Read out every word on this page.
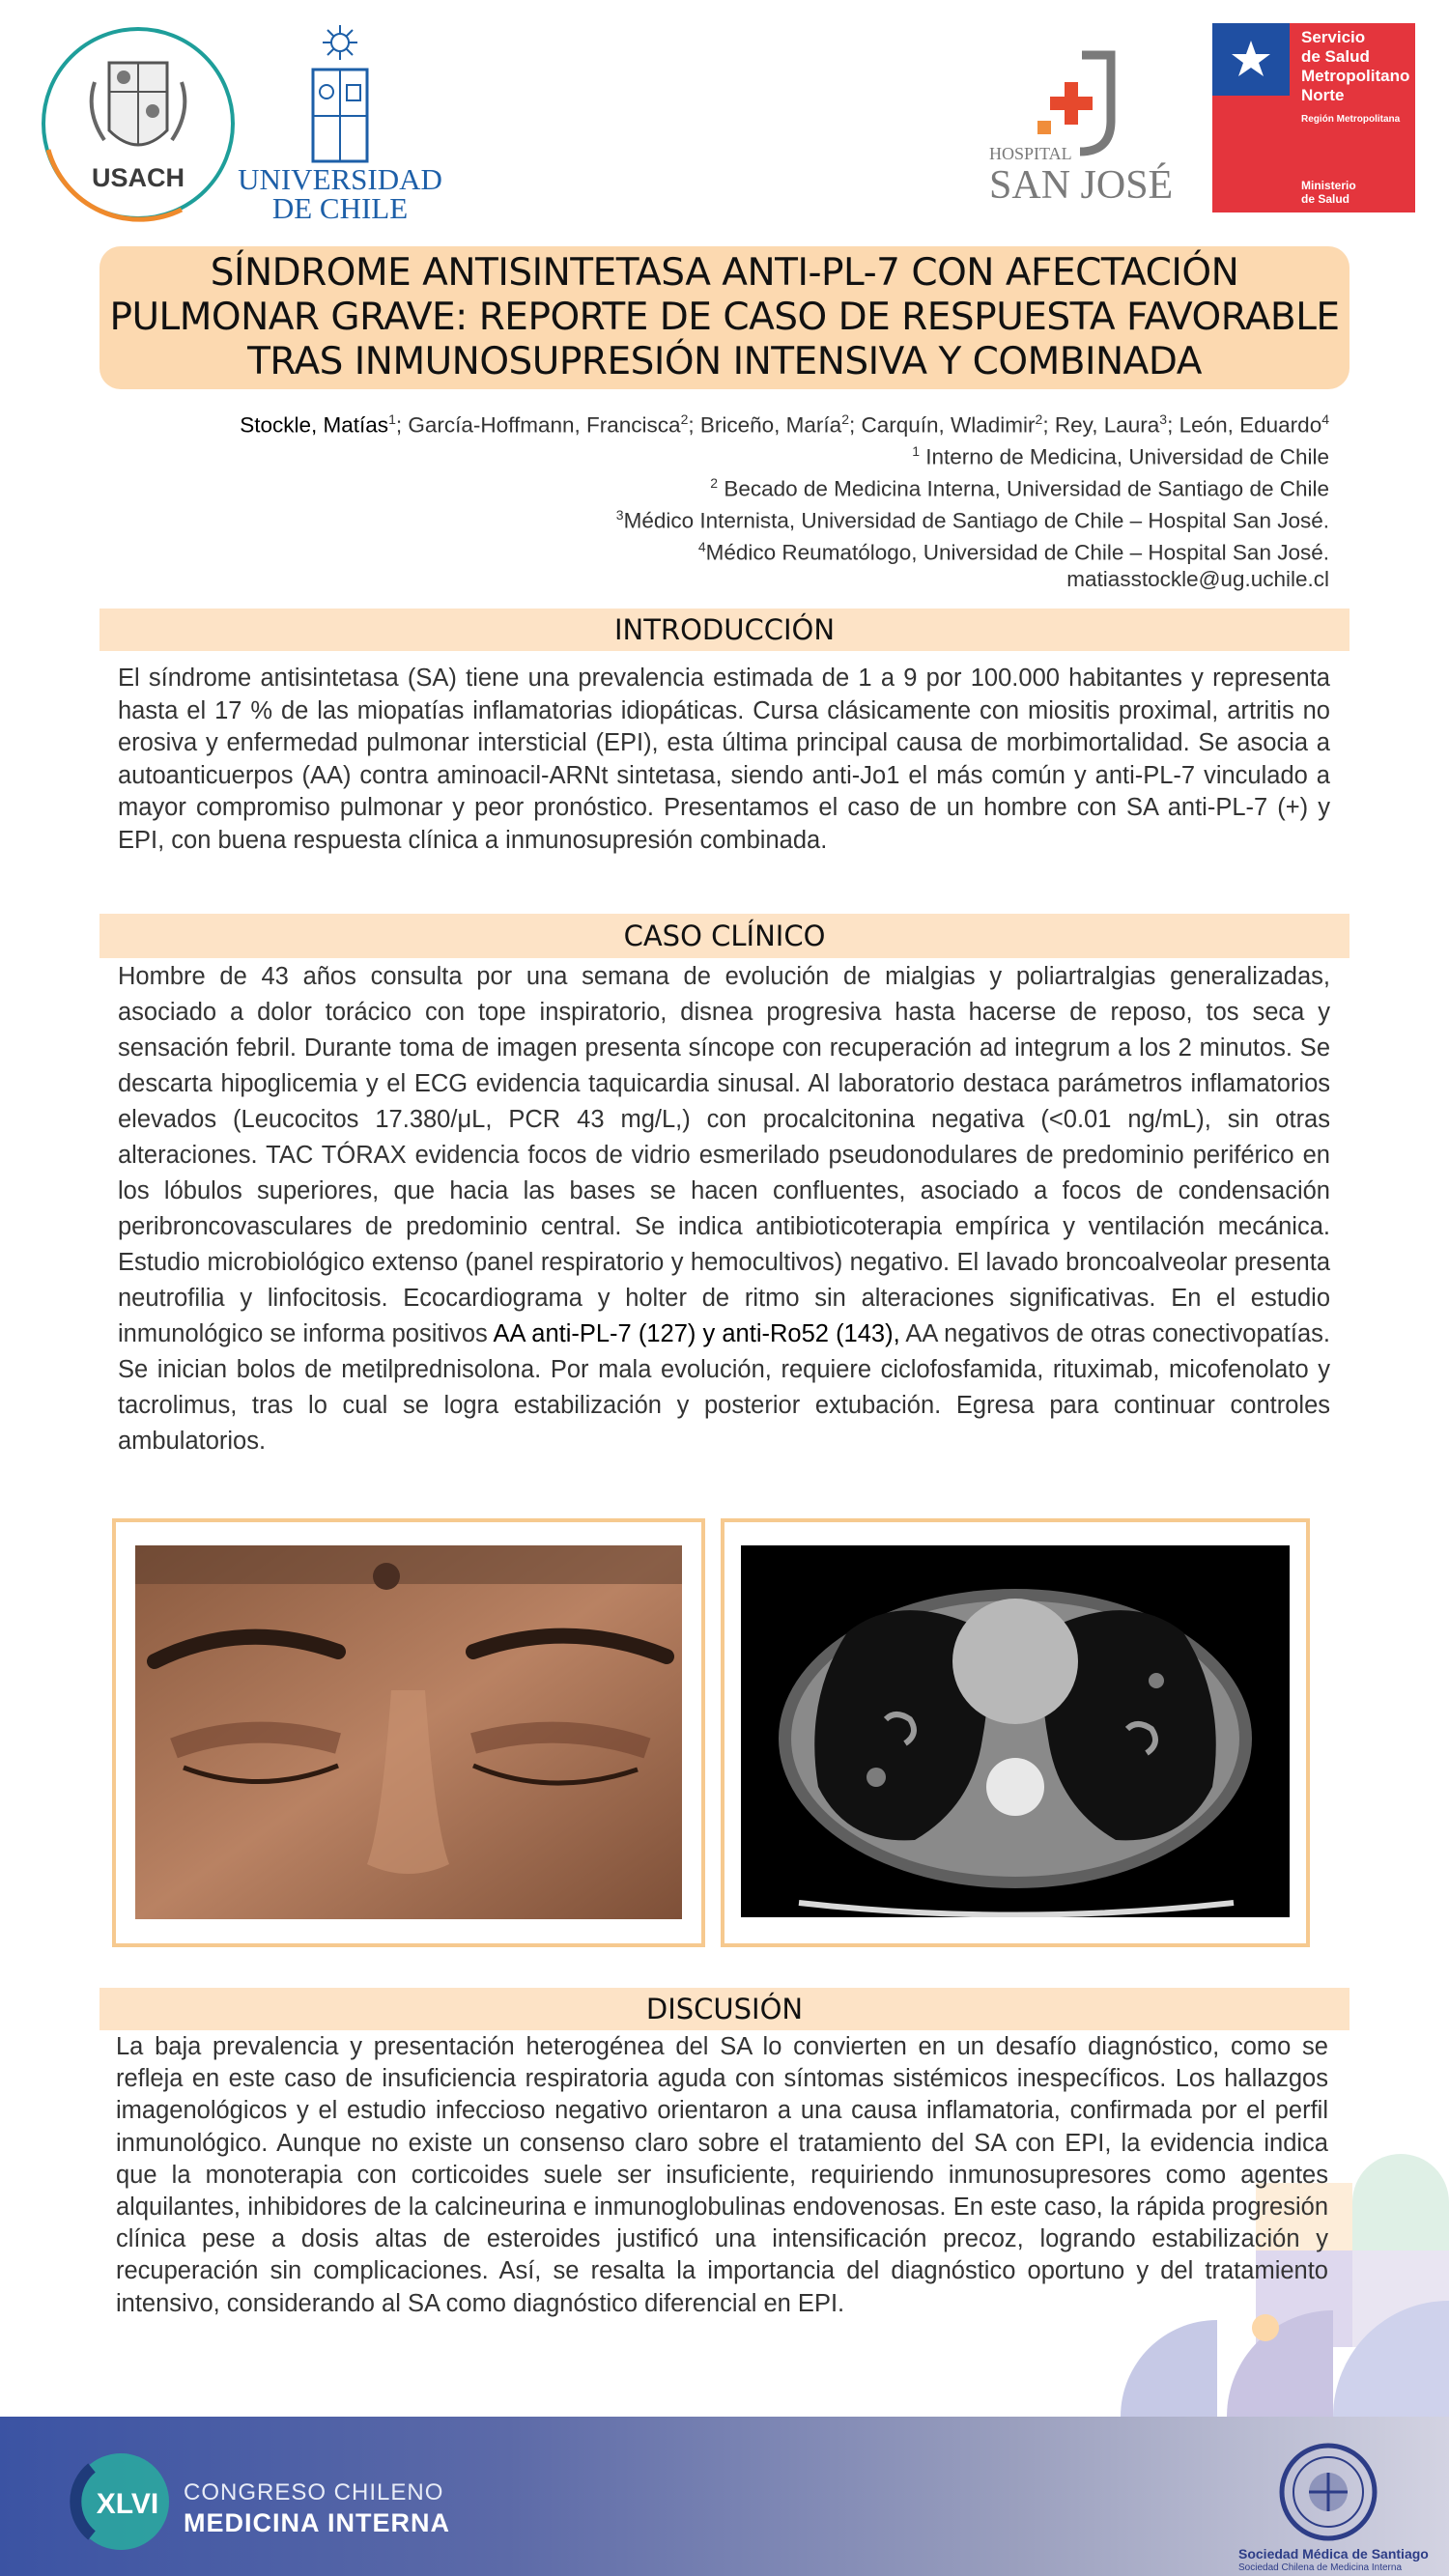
USACH UNIVERSIDAD
DE CHILE
HOSPITAL
SAN JOSÉ
Servicio
de Salud
Metropolitano
Norte
Región Metropolitana
Ministerio
de Salud
SÍNDROME ANTISINTETASA ANTI-PL-7 CON AFECTACIÓN PULMONAR GRAVE: REPORTE DE CASO DE RESPUESTA FAVORABLE TRAS INMUNOSUPRESIÓN INTENSIVA Y COMBINADA
Stockle, Matías$^1$; García-Hoffmann, Francisca$^2$; Briceño, María$^2$; Carquín, Wladimir$^2$; Rey, Laura$^3$; León, Eduardo$^4$
$^1$ Interno de Medicina, Universidad de Chile
$^2$ Becado de Medicina Interna, Universidad de Santiago de Chile
$^3$Médico Internista, Universidad de Santiago de Chile – Hospital San José.
$^4$Médico Reumatólogo, Universidad de Chile – Hospital San José.
matiasstockle@ug.uchile.cl
INTRODUCCIÓN
El síndrome antisintetasa (SA) tiene una prevalencia estimada de 1 a 9 por 100.000 habitantes y representa hasta el 17 % de las miopatías inflamatorias idiopáticas. Cursa clásicamente con miositis proximal, artritis no erosiva y enfermedad pulmonar intersticial (EPI), esta última principal causa de morbimortalidad. Se asocia a autoanticuerpos (AA) contra aminoacil-ARNt sintetasa, siendo anti-Jo1 el más común y anti-PL-7 vinculado a mayor compromiso pulmonar y peor pronóstico. Presentamos el caso de un hombre con SA anti-PL-7 (+) y EPI, con buena respuesta clínica a inmunosupresión combinada.
CASO CLÍNICO
Hombre de 43 años consulta por una semana de evolución de mialgias y poliartralgias generalizadas, asociado a dolor torácico con tope inspiratorio, disnea progresiva hasta hacerse de reposo, tos seca y sensación febril. Durante toma de imagen presenta síncope con recuperación ad integrum a los 2 minutos. Se descarta hipoglicemia y el ECG evidencia taquicardia sinusal. Al laboratorio destaca parámetros inflamatorios elevados (Leucocitos 17.380/μL, PCR 43 mg/L,) con procalcitonina negativa (<0.01 ng/mL), sin otras alteraciones. TAC TÓRAX evidencia focos de vidrio esmerilado pseudonodulares de predominio periférico en los lóbulos superiores, que hacia las bases se hacen confluentes, asociado a focos de condensación peribroncovasculares de predominio central. Se indica antibioticoterapia empírica y ventilación mecánica. Estudio microbiológico extenso (panel respiratorio y hemocultivos) negativo. El lavado broncoalveolar presenta neutrofilia y linfocitosis. Ecocardiograma y holter de ritmo sin alteraciones significativas. En el estudio inmunológico se informa positivos AA anti-PL-7 (127) y anti-Ro52 (143), AA negativos de otras conectivopatías. Se inician bolos de metilprednisolona. Por mala evolución, requiere ciclofosfamida, rituximab, micofenolato y tacrolimus, tras lo cual se logra estabilización y posterior extubación. Egresa para continuar controles ambulatorios.
DISCUSIÓN
La baja prevalencia y presentación heterogénea del SA lo convierten en un desafío diagnóstico, como se refleja en este caso de insuficiencia respiratoria aguda con síntomas sistémicos inespecíficos. Los hallazgos imagenológicos y el estudio infeccioso negativo orientaron a una causa inflamatoria, confirmada por el perfil inmunológico. Aunque no existe un consenso claro sobre el tratamiento del SA con EPI, la evidencia indica que la monoterapia con corticoides suele ser insuficiente, requiriendo inmunosupresores como agentes alquilantes, inhibidores de la calcineurina e inmunoglobulinas endovenosas. En este caso, la rápida progresión clínica pese a dosis altas de esteroides justificó una intensificación precoz, logrando estabilización y recuperación sin complicaciones. Así, se resalta la importancia del diagnóstico oportuno y del tratamiento intensivo, considerando al SA como diagnóstico diferencial en EPI.
XLVI CONGRESO CHILENO
MEDICINA INTERNA
Sociedad Médica de Santiago
Sociedad Chilena de Medicina Interna
